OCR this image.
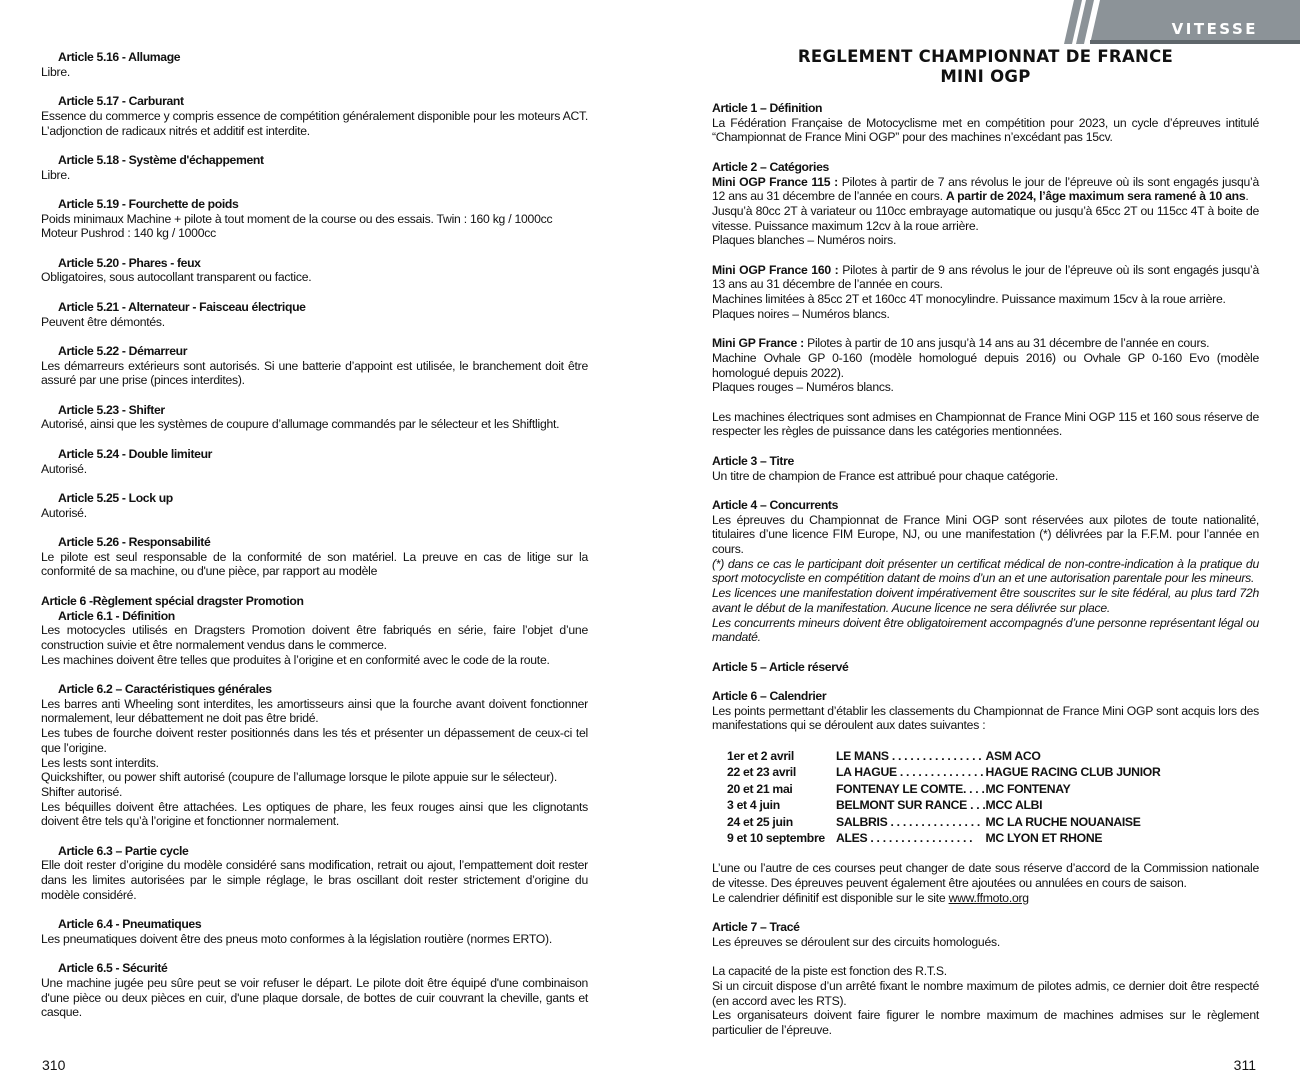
Article 5.16 - Allumage
Libre.
Article 5.17 - Carburant
Essence du commerce y compris essence de compétition généralement disponible pour les moteurs ACT. L’adjonction de radicaux nitrés et additif est interdite.
Article 5.18 - Système d'échappement
Libre.
Article 5.19 - Fourchette de poids
Poids minimaux Machine + pilote à tout moment de la course ou des essais. Twin : 160 kg / 1000cc
Moteur Pushrod : 140 kg / 1000cc
Article 5.20 - Phares - feux
Obligatoires, sous autocollant transparent ou factice.
Article 5.21 - Alternateur - Faisceau électrique
Peuvent être démontés.
Article 5.22 - Démarreur
Les démarreurs extérieurs sont autorisés. Si une batterie d’appoint est utilisée, le branchement doit être assuré par une prise (pinces interdites).
Article 5.23 - Shifter
Autorisé, ainsi que les systèmes de coupure d’allumage commandés par le sélecteur et les Shiftlight.
Article 5.24 - Double limiteur
Autorisé.
Article 5.25 - Lock up
Autorisé.
Article 5.26 - Responsabilité
Le pilote est seul responsable de la conformité de son matériel. La preuve en cas de litige sur la conformité de sa machine, ou d'une pièce, par rapport au modèle
Article 6 -Règlement spécial dragster Promotion
Article 6.1 - Définition
Les motocycles utilisés en Dragsters Promotion doivent être fabriqués en série, faire l’objet d’une construction suivie et être normalement vendus dans le commerce.
Les machines doivent être telles que produites à l’origine et en conformité avec le code de la route.
Article 6.2 – Caractéristiques générales
Les barres anti Wheeling sont interdites, les amortisseurs ainsi que la fourche avant doivent fonctionner normalement, leur débattement ne doit pas être bridé.
Les tubes de fourche doivent rester positionnés dans les tés et présenter un dépassement de ceux-ci tel que l’origine.
Les lests sont interdits.
Quickshifter, ou power shift autorisé (coupure de l’allumage lorsque le pilote appuie sur le sélecteur).
Shifter autorisé.
Les béquilles doivent être attachées. Les optiques de phare, les feux rouges ainsi que les clignotants doivent être tels qu’à l’origine et fonctionner normalement.
Article 6.3 – Partie cycle
Elle doit rester d’origine du modèle considéré sans modification, retrait ou ajout, l’empattement doit rester dans les limites autorisées par le simple réglage, le bras oscillant doit rester strictement d’origine du modèle considéré.
Article 6.4 - Pneumatiques
Les pneumatiques doivent être des pneus moto conformes à la législation routière (normes ERTO).
Article 6.5 - Sécurité
Une machine jugée peu sûre peut se voir refuser le départ. Le pilote doit être équipé d'une combinaison d'une pièce ou deux pièces en cuir, d'une plaque dorsale, de bottes de cuir couvrant la cheville, gants et casque.
310
VITESSE
REGLEMENT CHAMPIONNAT DE FRANCE
MINI OGP
Article 1 – Définition
La Fédération Française de Motocyclisme met en compétition pour 2023, un cycle d’épreuves intitulé “Championnat de France Mini OGP” pour des machines n’excédant pas 15cv.
Article 2 – Catégories
Mini OGP France 115 : Pilotes à partir de 7 ans révolus le jour de l’épreuve où ils sont engagés jusqu’à 12 ans au 31 décembre de l’année en cours. A partir de 2024, l’âge maximum sera ramené à 10 ans.
Jusqu’à 80cc 2T à variateur ou 110cc embrayage automatique ou jusqu’à 65cc 2T ou 115cc 4T à boite de vitesse. Puissance maximum 12cv à la roue arrière.
Plaques blanches – Numéros noirs.
Mini OGP France 160 : Pilotes à partir de 9 ans révolus le jour de l’épreuve où ils sont engagés jusqu’à 13 ans au 31 décembre de l’année en cours.
Machines limitées à 85cc 2T et 160cc 4T monocylindre. Puissance maximum 15cv à la roue arrière.
Plaques noires – Numéros blancs.
Mini GP France : Pilotes à partir de 10 ans jusqu’à 14 ans au 31 décembre de l’année en cours.
Machine Ovhale GP 0-160 (modèle homologué depuis 2016) ou Ovhale GP 0-160 Evo (modèle homologué depuis 2022).
Plaques rouges – Numéros blancs.
Les machines électriques sont admises en Championnat de France Mini OGP 115 et 160 sous réserve de respecter les règles de puissance dans les catégories mentionnées.
Article 3 – Titre
Un titre de champion de France est attribué pour chaque catégorie.
Article 4 – Concurrents
Les épreuves du Championnat de France Mini OGP sont réservées aux pilotes de toute nationalité, titulaires d’une licence FIM Europe, NJ, ou une manifestation (*) délivrées par la F.F.M. pour l’année en cours.
(*) dans ce cas le participant doit présenter un certificat médical de non-contre-indication à la pratique du sport motocycliste en compétition datant de moins d’un an et une autorisation parentale pour les mineurs.
Les licences une manifestation doivent impérativement être souscrites sur le site fédéral, au plus tard 72h avant le début de la manifestation. Aucune licence ne sera délivrée sur place.
Les concurrents mineurs doivent être obligatoirement accompagnés d’une personne représentant légal ou mandaté.
Article 5 – Article réservé
Article 6 – Calendrier
Les points permettant d’établir les classements du Championnat de France Mini OGP sont acquis lors des manifestations qui se déroulent aux dates suivantes :
1er et 2 avril	LE MANS . . . . . . . . . . . . . . .	ASM ACO
22 et 23 avril	LA HAGUE . . . . . . . . . . . . . .	HAGUE RACING CLUB JUNIOR
20 et 21 mai	FONTENAY LE COMTE. . . .	MC FONTENAY
3 et 4 juin	BELMONT SUR RANCE . . .	MCC ALBI
24 et 25 juin	SALBRIS . . . . . . . . . . . . . . .	MC LA RUCHE NOUANAISE
9 et 10 septembre	ALES . . . . . . . . . . . . . . . . .	MC LYON ET RHONE
L’une ou l’autre de ces courses peut changer de date sous réserve d’accord de la Commission nationale de vitesse. Des épreuves peuvent également être ajoutées ou annulées en cours de saison.
Le calendrier définitif est disponible sur le site www.ffmoto.org
Article 7 – Tracé
Les épreuves se déroulent sur des circuits homologués.
La capacité de la piste est fonction des R.T.S.
Si un circuit dispose d’un arrêté fixant le nombre maximum de pilotes admis, ce dernier doit être respecté (en accord avec les RTS).
Les organisateurs doivent faire figurer le nombre maximum de machines admises sur le règlement particulier de l’épreuve.
311
